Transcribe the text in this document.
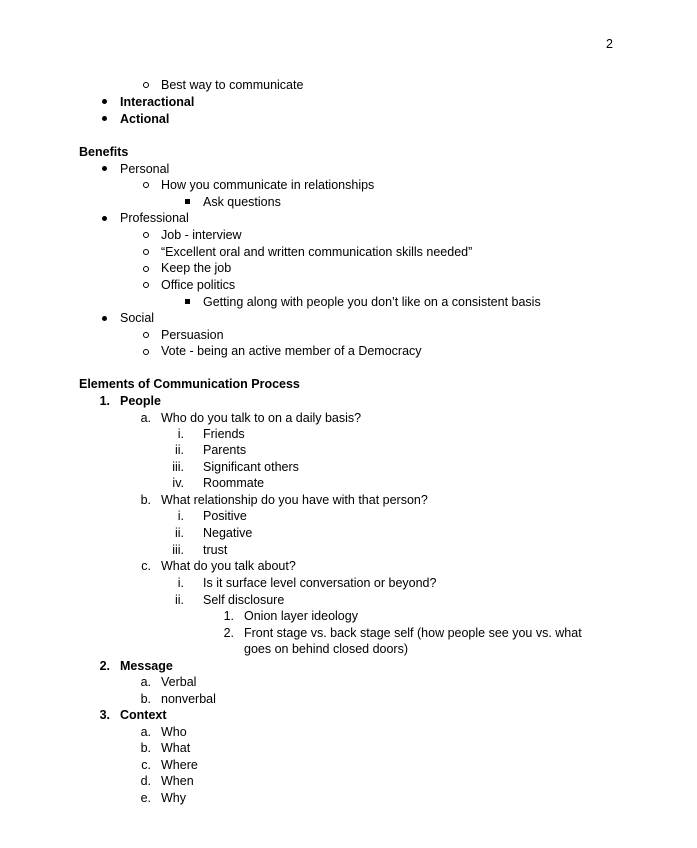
2
Best way to communicate
Interactional
Actional
Benefits
Personal
How you communicate in relationships
Ask questions
Professional
Job - interview
“Excellent oral and written communication skills needed”
Keep the job
Office politics
Getting along with people you don’t like on a consistent basis
Social
Persuasion
Vote - being an active member of a Democracy
Elements of Communication Process
1. People
a. Who do you talk to on a daily basis?
i. Friends
ii. Parents
iii. Significant others
iv. Roommate
b. What relationship do you have with that person?
i. Positive
ii. Negative
iii. trust
c. What do you talk about?
i. Is it surface level conversation or beyond?
ii. Self disclosure
1. Onion layer ideology
2. Front stage vs. back stage self (how people see you vs. what
goes on behind closed doors)
2. Message
a. Verbal
b. nonverbal
3. Context
a. Who
b. What
c. Where
d. When
e. Why
